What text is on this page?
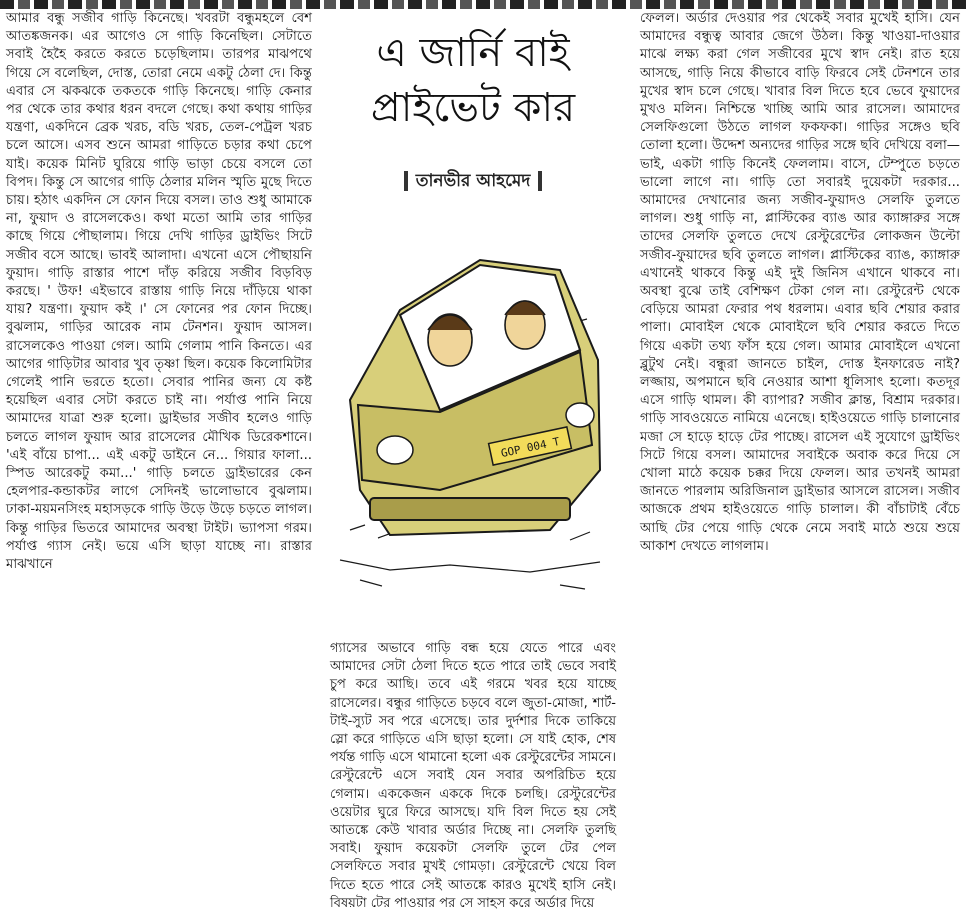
আমার বন্ধু সজীব গাড়ি কিনেছে। খবরটা বন্ধুমহলে বেশ আতঙ্কজনক। এর আগেও সে গাড়ি কিনেছিল। সেটাতে সবাই হৈহৈ করতে করতে চড়েছিলাম। তারপর মাঝপথে গিয়ে সে বলেছিল, দোস্ত, তোরা নেমে একটু ঠেলা দে। কিন্তু এবার সে ঝকঝকে তকতকে গাড়ি কিনেছে। গাড়ি কেনার পর থেকে তার কথার ধরন বদলে গেছে। কথা কথায় গাড়ির যন্ত্রণা, একদিনে ব্রেক খরচ, বডি খরচ, তেল-পেট্রল খরচ চলে আসে। এসব শুনে আমরা গাড়িতে চড়ার কথা চেপে যাই। কয়েক মিনিট ঘুরিয়ে গাড়ি ভাড়া চেয়ে বসলে তো বিপদ। কিন্তু সে আগের গাড়ি ঠেলার মলিন স্মৃতি মুছে দিতে চায়। হঠাৎ একদিন সে ফোন দিয়ে বসল। তাও শুধু আমাকে না, ফুয়াদ ও রাসেলকেও। কথা মতো আমি তার গাড়ির কাছে গিয়ে পৌছালাম। গিয়ে দেখি গাড়ির ড্রাইভিং সিটে সজীব বসে আছে। ভাবই আলাদা। এখনো এসে পৌছায়নি ফুয়াদ। গাড়ি রাস্তার পাশে দাঁড় করিয়ে সজীব বিড়বিড় করছে। ' উফ! এইভাবে রাস্তায় গাড়ি নিয়ে দাঁড়িয়ে থাকা যায়? যন্ত্রণা। ফুয়াদ কই ।' সে ফোনের পর ফোন দিচ্ছে। বুঝলাম, গাড়ির আরেক নাম টেনশন। ফুয়াদ আসল। রাসেলকেও পাওয়া গেল। আমি গেলাম পানি কিনতে। এর আগের গাড়িটার আবার খুব তৃষ্ণা ছিল। কয়েক কিলোমিটার গেলেই পানি ভরতে হতো। সেবার পানির জন্য যে কষ্ট হয়েছিল এবার সেটা করতে চাই না। পর্যাপ্ত পানি নিয়ে আমাদের যাত্রা শুরু হলো। ড্রাইভার সজীব হলেও গাড়ি চলতে লাগল ফুয়াদ আর রাসেলের মৌখিক ডিরেকশানে। 'এই বাঁয়ে চাপা... এই একটু ডাইনে নে... গিয়ার ফালা... স্পিড আরেকটু কমা...' গাড়ি চলতে ড্রাইভারের কেন হেলপার-কন্ডাকটর লাগে সেদিনই ভালোভাবে বুঝলাম। ঢাকা-ময়মনসিংহ মহাসড়কে গাড়ি উড়ে উড়ে চড়তে লাগল। কিন্তু গাড়ির ভিতরে আমাদের অবস্থা টাইট। ভ্যাপসা গরম। পর্যাপ্ত গ্যাস নেই। ভয়ে এসি ছাড়া যাচ্ছে না। রাস্তার মাঝখানে

এ জার্নি বাই
প্রাইভেট কার
তানভীর আহমেদ
GOP 004 T

গ্যাসের অভাবে গাড়ি বন্ধ হয়ে যেতে পারে এবং আমাদের সেটা ঠেলা দিতে হতে পারে তাই ভেবে সবাই চুপ করে আছি। তবে এই গরমে খবর হয়ে যাচ্ছে রাসেলের। বন্ধুর গাড়িতে চড়বে বলে জুতা-মোজা, শার্ট-টাই-স্যুট সব পরে এসেছে। তার দুর্দশার দিকে তাকিয়ে স্লো করে গাড়িতে এসি ছাড়া হলো। সে যাই হোক, শেষ পর্যন্ত গাড়ি এসে থামানো হলো এক রেস্টুরেন্টের সামনে। রেস্টুরেন্টে এসে সবাই যেন সবার অপরিচিত হয়ে গেলাম। এককেজন এককে দিকে চলছি। রেস্টুরেন্টের ওয়েটার ঘুরে ফিরে আসছে। যদি বিল দিতে হয় সেই আতঙ্কে কেউ খাবার অর্ডার দিচ্ছে না। সেলফি তুলছি সবাই। ফুয়াদ কয়েকটা সেলফি তুলে টের পেল সেলফিতে সবার মুখই গোমড়া। রেস্টুরেন্টে খেয়ে বিল দিতে হতে পারে সেই আতঙ্কে কারও মুখেই হাসি নেই। বিষয়টা টের পাওয়ার পর সে সাহস করে অর্ডার দিয়ে

ফেলল। অর্ডার দেওয়ার পর থেকেই সবার মুখেই হাসি। যেন আমাদের বন্ধুত্ব আবার জেগে উঠল। কিন্তু খাওয়া-দাওয়ার মাঝে লক্ষ্য করা গেল সজীবের মুখে স্বাদ নেই। রাত হয়ে আসছে, গাড়ি নিয়ে কীভাবে বাড়ি ফিরবে সেই টেনশনে তার মুখের স্বাদ চলে গেছে। খাবার বিল দিতে হবে ভেবে ফুয়াদের মুখও মলিন। নিশ্চিন্তে খাচ্ছি আমি আর রাসেল। আমাদের সেলফিগুলো উঠতে লাগল ফকফকা। গাড়ির সঙ্গেও ছবি তোলা হলো। উদ্দেশ অন্যদের গাড়ির সঙ্গে ছবি দেখিয়ে বলা— ভাই, একটা গাড়ি কিনেই ফেললাম। বাসে, টেম্পুতে চড়তে ভালো লাগে না। গাড়ি তো সবারই দুয়েকটা দরকার... আমাদের দেখানোর জন্য সজীব-ফুয়াদও সেলফি তুলতে লাগল। শুধু গাড়ি না, প্লাস্টিকের ব্যাঙ আর ক্যাঙ্গারুর সঙ্গে তাদের সেলফি তুলতে দেখে রেস্টুরেন্টের লোকজন উল্টো সজীব-ফুয়াদের ছবি তুলতে লাগল। প্লাস্টিকের ব্যাঙ, ক্যাঙ্গারু এখানেই থাকবে কিন্তু এই দুই জিনিস এখানে থাকবে না। অবস্থা বুঝে তাই বেশিক্ষণ টেকা গেল না। রেস্টুরেন্ট থেকে বেড়িয়ে আমরা ফেরার পথ ধরলাম। এবার ছবি শেয়ার করার পালা। মোবাইল থেকে মোবাইলে ছবি শেয়ার করতে দিতে গিয়ে একটা তথ্য ফাঁস হয়ে গেল। আমার মোবাইলে এখনো ব্লুটুথ নেই। বন্ধুরা জানতে চাইল, দোস্ত ইনফারেড নাই? লজ্জায়, অপমানে ছবি নেওয়ার আশা ধূলিসাৎ হলো। কতদূর এসে গাড়ি থামল। কী ব্যাপার? সজীব ক্লান্ত, বিশ্রাম দরকার। গাড়ি সাবওয়েতে নামিয়ে এনেছে। হাইওয়েতে গাড়ি চালানোর মজা সে হাড়ে হাড়ে টের পাচ্ছে। রাসেল এই সুযোগে ড্রাইভিং সিটে গিয়ে বসল। আমাদের সবাইকে অবাক করে দিয়ে সে খোলা মাঠে কয়েক চক্কর দিয়ে ফেলল। আর তখনই আমরা জানতে পারলাম অরিজিনাল ড্রাইভার আসলে রাসেল। সজীব আজকে প্রথম হাইওয়েতে গাড়ি চালাল। কী বাঁচাটাই বেঁচে আছি টের পেয়ে গাড়ি থেকে নেমে সবাই মাঠে শুয়ে শুয়ে আকাশ দেখতে লাগলাম।
